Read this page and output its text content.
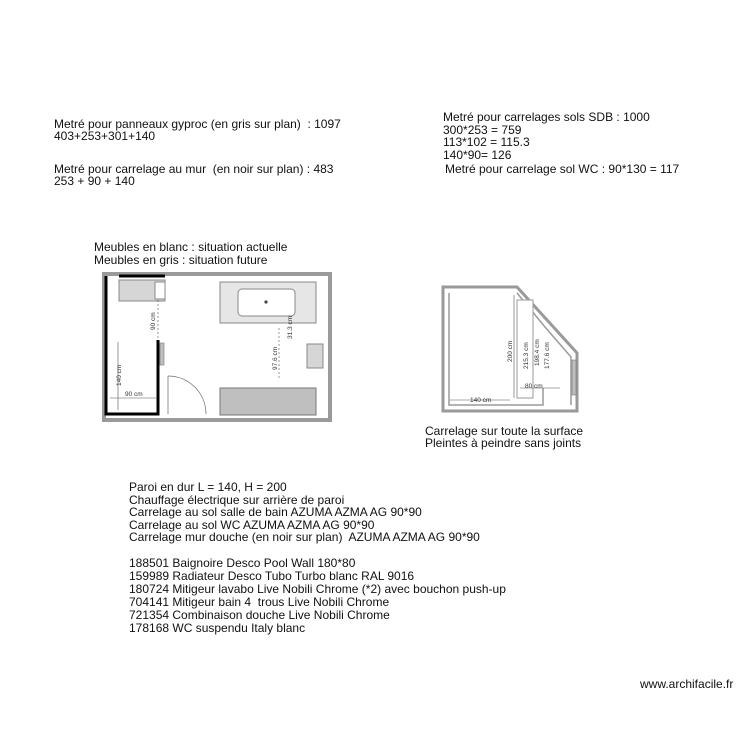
Metré pour panneaux gyproc (en gris sur plan)  : 1097
403+253+301+140
Metré pour carrelage au mur  (en noir sur plan) : 483
253 + 90 + 140
Metré pour carrelages sols SDB : 1000
300*253 = 759
113*102 = 115.3
140*90= 126
Metré pour carrelage sol WC : 90*130 = 117
Meubles en blanc : situation actuelle
Meubles en gris : situation future
90 cm
140 cm
90 cm
97.6 cm
31.3 cm
140 cm
200 cm 215.3 cm 198.4 cm 177.6 cm
80 cm
Carrelage sur toute la surface
Pleintes à peindre sans joints
Paroi en dur L = 140, H = 200
Chauffage électrique sur arrière de paroi
Carrelage au sol salle de bain AZUMA AZMA AG 90*90
Carrelage au sol WC AZUMA AZMA AG 90*90
Carrelage mur douche (en noir sur plan)  AZUMA AZMA AG 90*90
188501 Baignoire Desco Pool Wall 180*80
159989 Radiateur Desco Tubo Turbo blanc RAL 9016
180724 Mitigeur lavabo Live Nobili Chrome (*2) avec bouchon push-up
704141 Mitigeur bain 4  trous Live Nobili Chrome
721354 Combinaison douche Live Nobili Chrome
178168 WC suspendu Italy blanc
www.archifacile.fr
